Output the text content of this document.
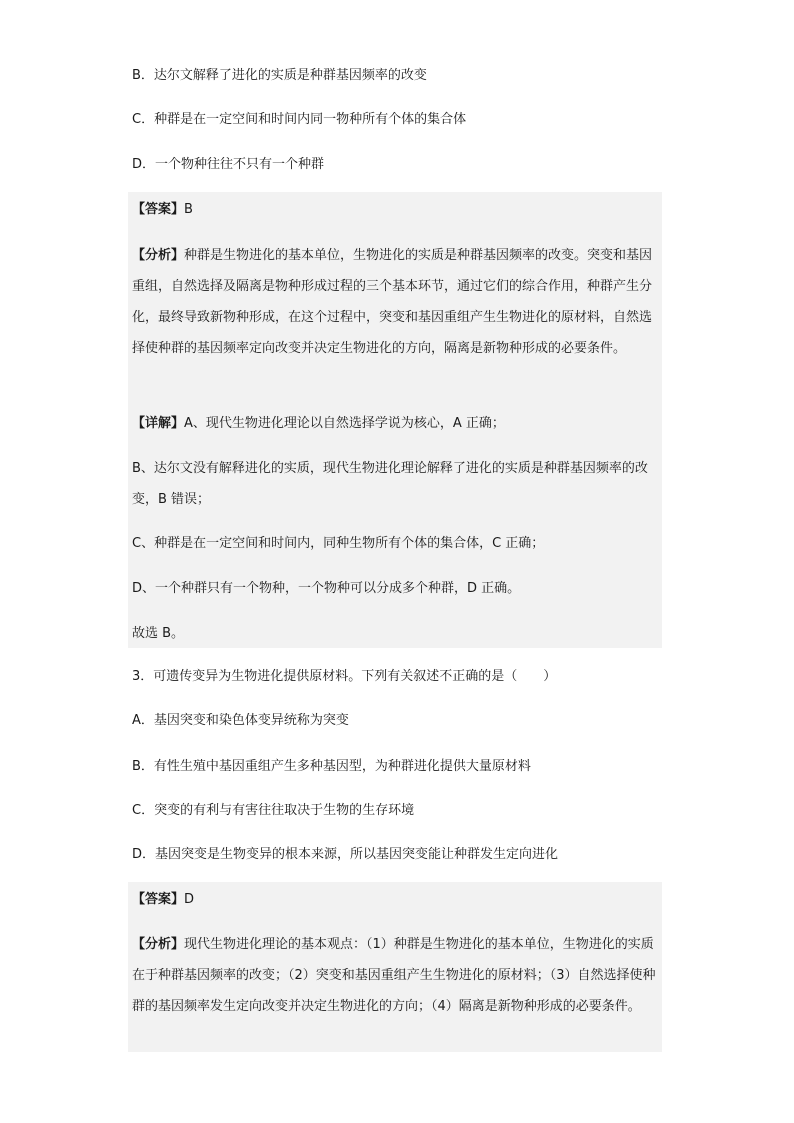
B．达尔文解释了进化的实质是种群基因频率的改变
C．种群是在一定空间和时间内同一物种所有个体的集合体
D．一个物种往往不只有一个种群
【答案】B
【分析】种群是生物进化的基本单位，生物进化的实质是种群基因频率的改变。突变和基因重组，自然选择及隔离是物种形成过程的三个基本环节，通过它们的综合作用，种群产生分化，最终导致新物种形成，在这个过程中，突变和基因重组产生生物进化的原材料，自然选择使种群的基因频率定向改变并决定生物进化的方向，隔离是新物种形成的必要条件。
【详解】A、现代生物进化理论以自然选择学说为核心，A 正确；
B、达尔文没有解释进化的实质，现代生物进化理论解释了进化的实质是种群基因频率的改变，B 错误；
C、种群是在一定空间和时间内，同种生物所有个体的集合体，C 正确；
D、一个种群只有一个物种，一个物种可以分成多个种群，D 正确。
故选 B。
3．可遗传变异为生物进化提供原材料。下列有关叙述不正确的是（　　）
A．基因突变和染色体变异统称为突变
B．有性生殖中基因重组产生多种基因型，为种群进化提供大量原材料
C．突变的有利与有害往往取决于生物的生存环境
D．基因突变是生物变异的根本来源，所以基因突变能让种群发生定向进化
【答案】D
【分析】现代生物进化理论的基本观点：（1）种群是生物进化的基本单位，生物进化的实质在于种群基因频率的改变；（2）突变和基因重组产生生物进化的原材料；（3）自然选择使种群的基因频率发生定向改变并决定生物进化的方向；（4）隔离是新物种形成的必要条件。
